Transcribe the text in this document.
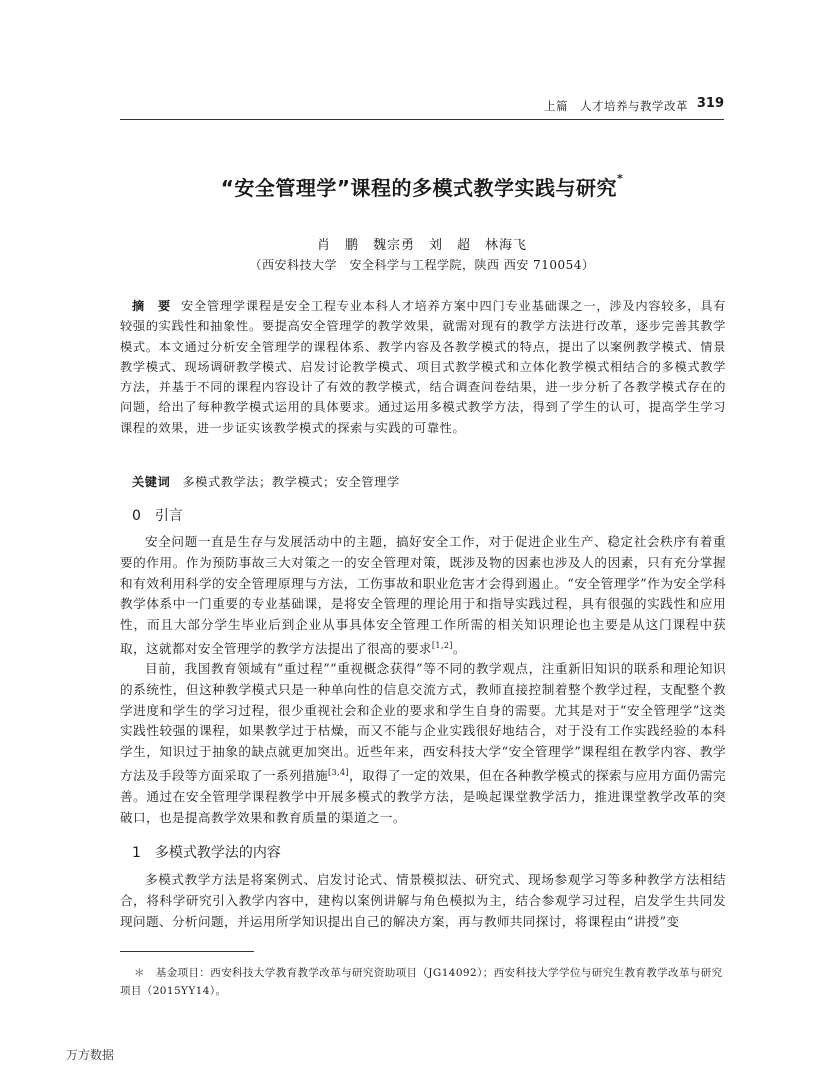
上篇　人才培养与教学改革 319
“安全管理学”课程的多模式教学实践与研究*
肖　鹏　魏宗勇　刘　超　林海飞
（西安科技大学　安全科学与工程学院，陕西 西安 710054）
摘　要 安全管理学课程是安全工程专业本科人才培养方案中四门专业基础课之一，涉及内容较多，具有较强的实践性和抽象性。要提高安全管理学的教学效果，就需对现有的教学方法进行改革，逐步完善其教学模式。本文通过分析安全管理学的课程体系、教学内容及各教学模式的特点，提出了以案例教学模式、情景教学模式、现场调研教学模式、启发讨论教学模式、项目式教学模式和立体化教学模式相结合的多模式教学方法，并基于不同的课程内容设计了有效的教学模式，结合调查问卷结果，进一步分析了各教学模式存在的问题，给出了每种教学模式运用的具体要求。通过运用多模式教学方法，得到了学生的认可，提高学生学习课程的效果，进一步证实该教学模式的探索与实践的可靠性。
关键词 多模式教学法；教学模式；安全管理学
0 引言
安全问题一直是生存与发展活动中的主题，搞好安全工作，对于促进企业生产、稳定社会秩序有着重要的作用。作为预防事故三大对策之一的安全管理对策，既涉及物的因素也涉及人的因素，只有充分掌握和有效利用科学的安全管理原理与方法，工伤事故和职业危害才会得到遏止。“安全管理学”作为安全学科教学体系中一门重要的专业基础课，是将安全管理的理论用于和指导实践过程，具有很强的实践性和应用性，而且大部分学生毕业后到企业从事具体安全管理工作所需的相关知识理论也主要是从这门课程中获取，这就都对安全管理学的教学方法提出了很高的要求[1,2]。
目前，我国教育领域有“重过程”“重视概念获得”等不同的教学观点，注重新旧知识的联系和理论知识的系统性，但这种教学模式只是一种单向性的信息交流方式，教师直接控制着整个教学过程，支配整个教学进度和学生的学习过程，很少重视社会和企业的要求和学生自身的需要。尤其是对于“安全管理学”这类实践性较强的课程，如果教学过于枯燥，而又不能与企业实践很好地结合，对于没有工作实践经验的本科学生，知识过于抽象的缺点就更加突出。近些年来，西安科技大学“安全管理学”课程组在教学内容、教学方法及手段等方面采取了一系列措施[3,4]，取得了一定的效果，但在各种教学模式的探索与应用方面仍需完善。通过在安全管理学课程教学中开展多模式的教学方法，是唤起课堂教学活力，推进课堂教学改革的突破口，也是提高教学效果和教育质量的渠道之一。
1 多模式教学法的内容
多模式教学方法是将案例式、启发讨论式、情景模拟法、研究式、现场参观学习等多种教学方法相结合，将科学研究引入教学内容中，建构以案例讲解与角色模拟为主，结合参观学习过程，启发学生共同发现问题、分析问题，并运用所学知识提出自己的解决方案，再与教师共同探讨，将课程由“讲授”变
＊　基金项目：西安科技大学教育教学改革与研究资助项目（JG14092）；西安科技大学学位与研究生教育教学改革与研究项目（2015YY14）。
万方数据
